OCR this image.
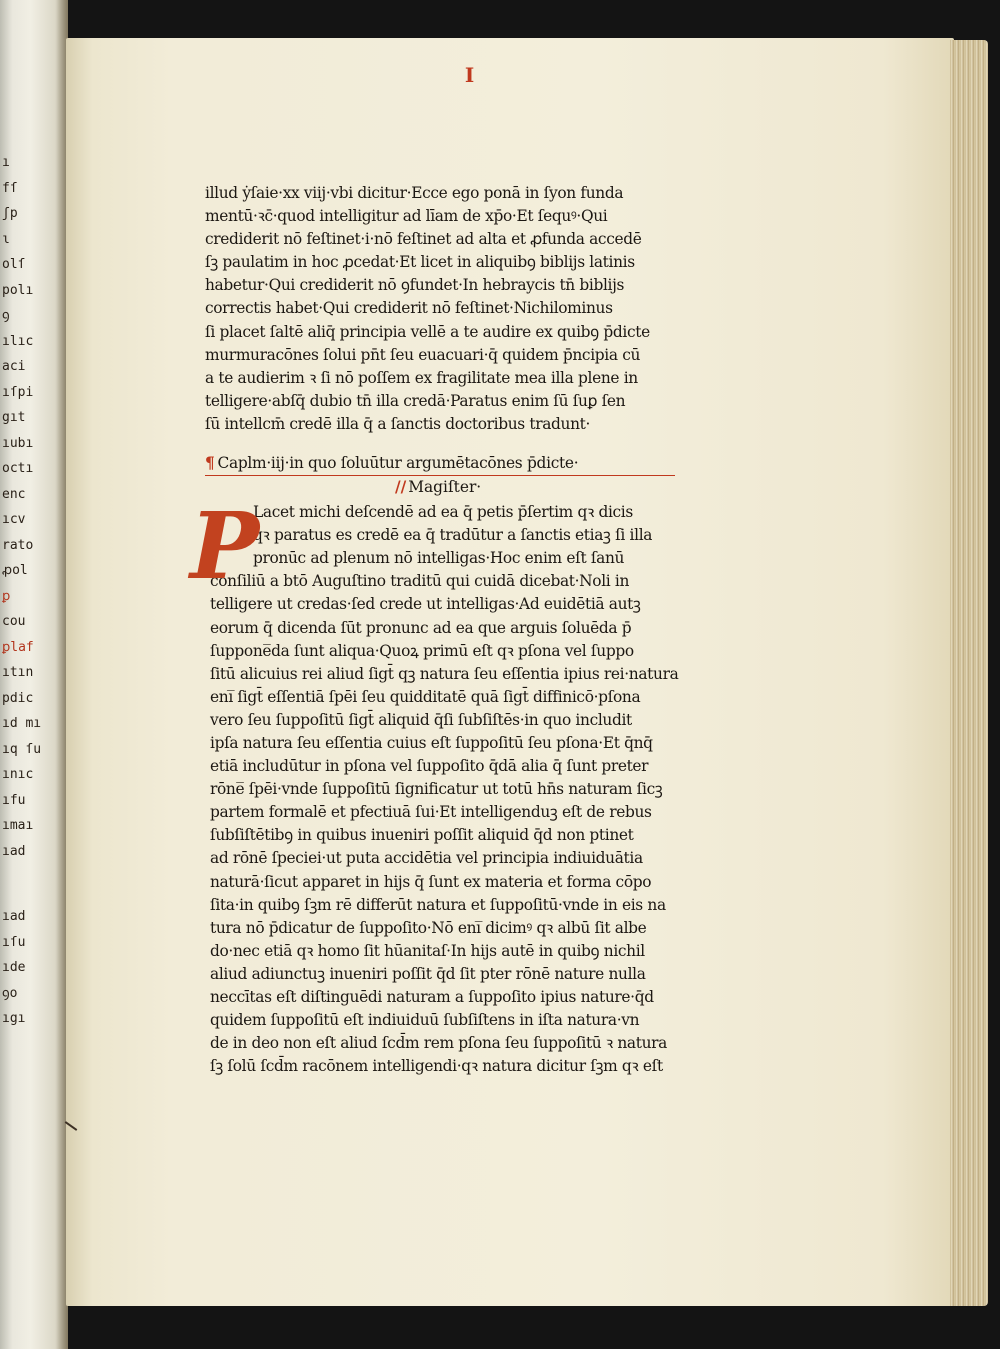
ı
fſ
ʃp
ɩ
olſ
polı
ꝯ
ılıc
aci
ıſpi
gıt
ıubı
octı
enc
ıcv
rato
ꝓol
ꝑ
cou
ꝑlaf
ıtın
pdic
ıd mı
ıq ſu
ınıc
ıfu
ımaı
ıad
ıad
ıſu
ıde
ꝯo
ıgı
I
illud ẏſaie·xx viij·vbi dicitur·Ecce ego ponā in ſyon funda
mentū·ꝛc̄·quod intelligitur ad līam de xp̄o·Et ſequꝰ·Qui
crediderit nō feſtinet·i·nō feſtinet ad alta et ꝓfunda accedē
ſꝫ paulatim in hoc ꝓcedat·Et licet in aliquibꝯ biblijs latinis
habetur·Qui crediderit nō ꝯfundet·In hebraycis tn̄ biblijs
correctis habet·Qui crediderit nō feſtinet·Nichilominus
ſi placet ſaltē aliq̄ principia vellē a te audire ex quibꝯ p̄dicte
murmuracōnes ſolui pn̄t ſeu euacuari·q̄ quidem p̄ncipia cū
a te audierim ꝛ ſi nō poſſem ex fragilitate mea illa plene in
telligere·abſq̄ dubio tn̄ illa credā·Paratus enim ſū ſuꝑ ſen
ſū intellcm̄ credē illa q̄ a ſanctis doctoribus tradunt·
¶ Caplm·iij·in quo ſoluūtur argumētacōnes p̄dicte·
// Magiſter·
P
Lacet michi deſcendē ad ea q̄ petis p̄ſertim qꝛ dicis
qꝛ paratus es credē ea q̄ tradūtur a ſanctis etiaꝫ ſi illa
pronūc ad plenum nō intelligas·Hoc enim eſt ſanū
conſiliū a btō Auguſtino traditū qui cuidā dicebat·Noli in
telligere ut credas·ſed crede ut intelligas·Ad euidētiā autꝫ
eorum q̄ dicenda ſūt pronunc ad ea que arguis ſoluēda p̄
ſuppone̅da ſunt aliqua·Quoꝝ primū eſt qꝛ pſona vel ſuppo
ſitū alicuius rei aliud ſigt̄ qꝫ natura ſeu eſſentia ipius rei·natura
eni̅ ſigt̄ eſſentiā ſpēi ſeu quidditatē quā ſigt̄ diffinicō·pſona
vero ſeu ſuppoſitū ſigt̄ aliquid q̄ſi ſubſiſtēs·in quo includit
ipſa natura ſeu eſſentia cuius eſt ſuppoſitū ſeu pſona·Et q̄nq̄
etiā includūtur in pſona vel ſuppoſito q̄dā alia q̄ ſunt preter
rōne̅ ſpēi·vnde ſuppoſitū ſignificatur ut totū hn̄s naturam ſicꝫ
partem formalē et pfectiuā ſui·Et intelligenduꝫ eſt de rebus
ſubſiſtētibꝯ in quibus inueniri poſſit aliquid q̄d non ptinet
ad rōnē ſpeciei·ut puta accidētia vel principia indiuiduātia
naturā·ſicut apparet in hijs q̄ ſunt ex materia et forma cōpo
ſita·in quibꝯ ſꝫm rē differūt natura et ſuppoſitū·vnde in eis na
tura nō p̄dicatur de ſuppoſito·Nō eni̅ dicimꝰ qꝛ albū ſit albe
do·nec etiā qꝛ homo ſit hūanitaſ·In hijs autē in quibꝯ nichil
aliud adiunctuꝫ inueniri poſſit q̄d ſit pter rōnē nature nulla
neccītas eſt diſtinguēdi naturam a ſuppoſito ipius nature·q̄d
quidem ſuppoſitū eſt indiuiduū ſubſiſtens in iſta natura·vn
de in deo non eſt aliud ſcd̄m rem pſona ſeu ſuppoſitū ꝛ natura
ſꝫ ſolū ſcd̄m racōnem intelligendi·qꝛ natura dicitur ſꝫm qꝛ eſt
